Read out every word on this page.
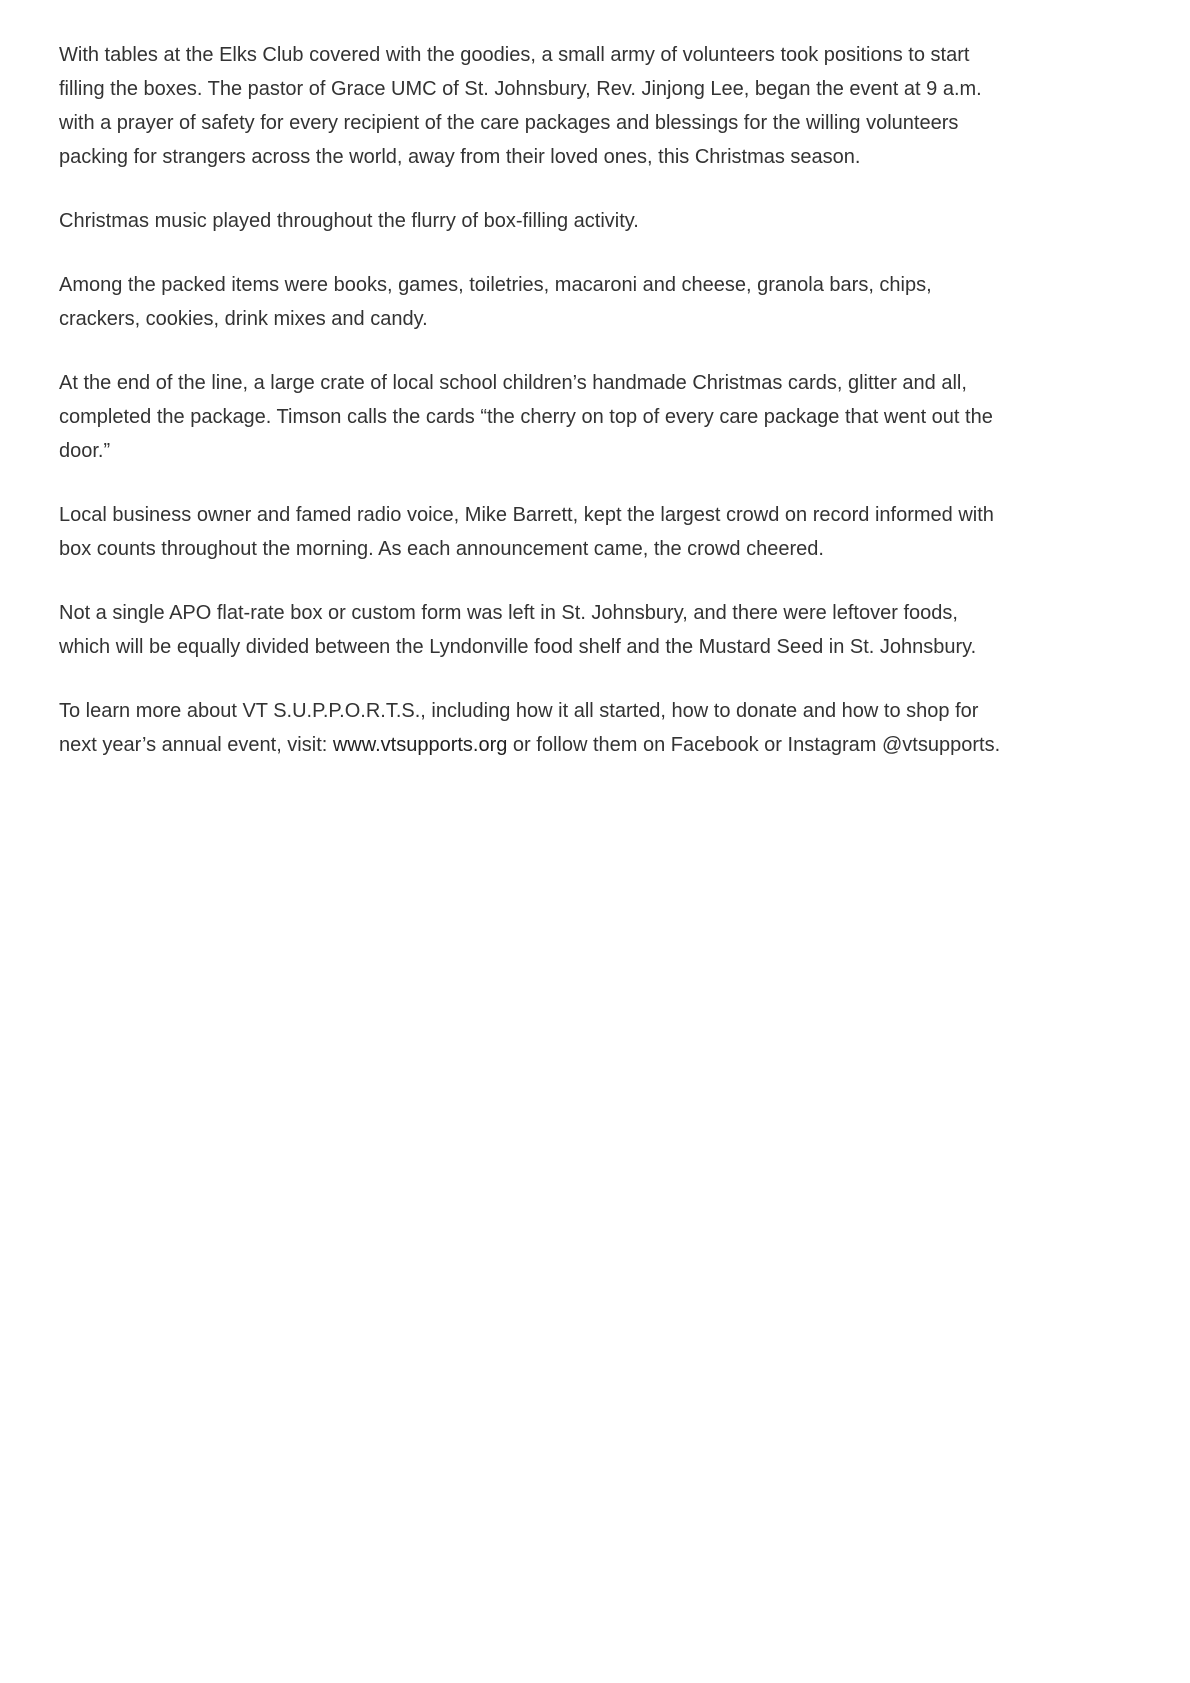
With tables at the Elks Club covered with the goodies, a small army of volunteers took positions to start filling the boxes. The pastor of Grace UMC of St. Johnsbury, Rev. Jinjong Lee, began the event at 9 a.m. with a prayer of safety for every recipient of the care packages and blessings for the willing volunteers packing for strangers across the world, away from their loved ones, this Christmas season.

Christmas music played throughout the flurry of box-filling activity.

Among the packed items were books, games, toiletries, macaroni and cheese, granola bars, chips, crackers, cookies, drink mixes and candy.

At the end of the line, a large crate of local school children’s handmade Christmas cards, glitter and all, completed the package. Timson calls the cards “the cherry on top of every care package that went out the door.”

Local business owner and famed radio voice, Mike Barrett, kept the largest crowd on record informed with box counts throughout the morning. As each announcement came, the crowd cheered.

Not a single APO flat-rate box or custom form was left in St. Johnsbury, and there were leftover foods, which will be equally divided between the Lyndonville food shelf and the Mustard Seed in St. Johnsbury.

To learn more about VT S.U.P.P.O.R.T.S., including how it all started, how to donate and how to shop for next year’s annual event, visit: www.vtsupports.org or follow them on Facebook or Instagram @vtsupports.
